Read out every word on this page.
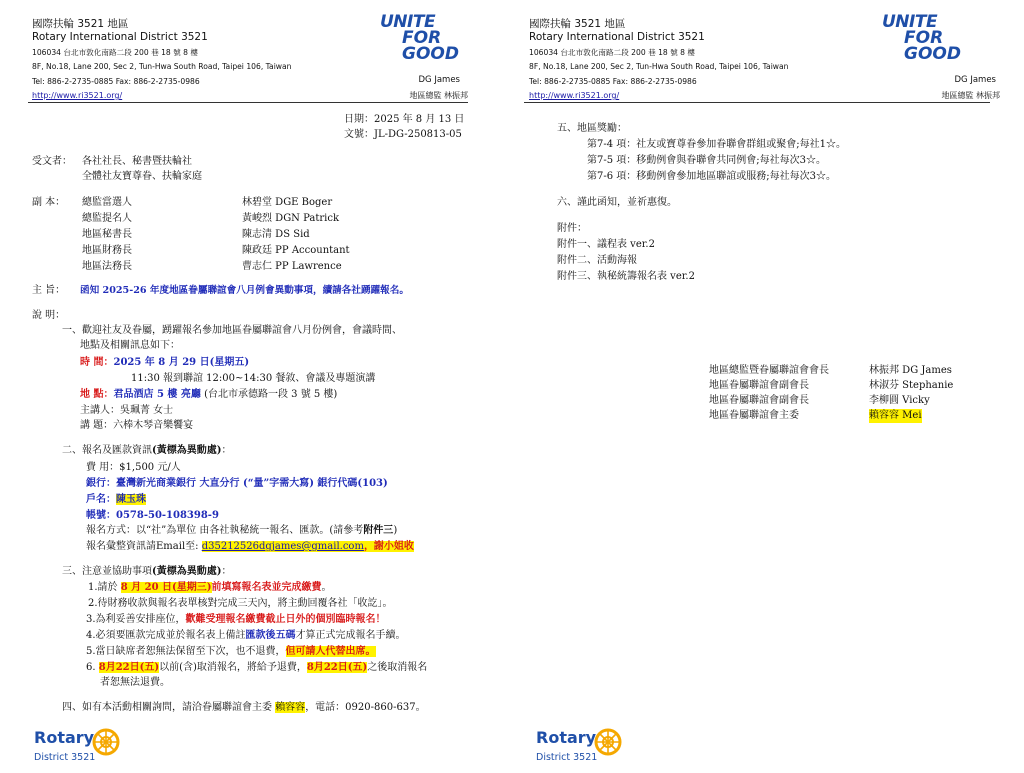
國際扶輪 3521 地區
Rotary International District 3521
106034 台北市敦化南路二段 200 巷 18 號 8 樓
8F, No.18, Lane 200, Sec 2, Tun-Hwa South Road, Taipei 106, Taiwan
Tel: 886-2-2735-0885 Fax: 886-2-2735-0986
http://www.ri3521.org/
UNITE
FOR
GOOD
DG James
地區總監 林振邦
日期：2025 年 8 月 13 日
文號：JL-DG-250813-05
受文者： 各社社長、秘書暨扶輪社
全體社友寶尊眷、扶輪家庭
副 本： 總監當選人	林碧堂 DGE Boger
總監提名人	黃峻烈 DGN Patrick
地區秘書長	陳志清 DS Sid
地區財務長	陳政廷 PP Accountant
地區法務長	曹志仁 PP Lawrence
主 旨： 函知 2025-26 年度地區眷屬聯誼會八月例會異動事項，續請各社踴躍報名。
說 明：
一、歡迎社友及眷屬，踴躍報名參加地區眷屬聯誼會八月份例會，會議時間、
地點及相關訊息如下：
時 間：2025 年 8 月 29 日(星期五)
11:30 報到聯誼 12:00~14:30 餐敘、會議及專題演講
地 點：君品酒店 5 樓 亮廳 (台北市承德路一段 3 號 5 樓)
主講人：吳珮菁 女士
講 題：六棒木琴音樂饗宴
二、報名及匯款資訊(黃標為異動處)：
費 用：$1,500 元/人
銀行：臺灣新光商業銀行 大直分行 (“量”字需大寫) 銀行代碼(103)
戶名：陳玉珠
帳號：0578-50-108398-9
報名方式：以“社”為單位 由各社執秘統一報名、匯款。(請參考附件三)
報名彙整資訊請Email至: d35212526dgjames@gmail.com，謝小姐收
三、注意並協助事項(黃標為異動處)：
1.請於 8 月 20 日(星期三)前填寫報名表並完成繳費。
2.待財務收款與報名表單核對完成三天內，將主動回覆各社「收訖」。
3.為利妥善安排座位，歡難受理報名繳費截止日外的個別臨時報名！
4.必須要匯款完成並於報名表上備註匯款後五碼才算正式完成報名手續。
5.當日缺席者恕無法保留至下次，也不退費，但可請人代替出席。
6. 8月22日(五)以前(含)取消報名，將給予退費，8月22日(五)之後取消報名
者恕無法退費。
四、如有本活動相關詢問，請洽眷屬聯誼會主委 賴容容，電話：0920-860-637。
Rotary
District 3521
國際扶輪 3521 地區
Rotary International District 3521
106034 台北市敦化南路二段 200 巷 18 號 8 樓
8F, No.18, Lane 200, Sec 2, Tun-Hwa South Road, Taipei 106, Taiwan
Tel: 886-2-2735-0885 Fax: 886-2-2735-0986
http://www.ri3521.org/
UNITE
FOR
GOOD
DG James
地區總監 林振邦
五、地區獎勵：
第7-4 項：社友或寶尊眷參加眷聯會群組或聚會;每社1☆。
第7-5 項：移動例會與眷聯會共同例會;每社每次3☆。
第7-6 項：移動例會參加地區聯誼或服務;每社每次3☆。
六、謹此函知，並祈惠復。
附件：
附件一、議程表 ver.2
附件二、活動海報
附件三、執秘統籌報名表 ver.2
地區總監暨眷屬聯誼會會長	林振邦 DG James
地區眷屬聯誼會副會長	林淑芬 Stephanie
地區眷屬聯誼會副會長	李柳圓 Vicky
地區眷屬聯誼會主委	賴容容 Mei
Rotary
District 3521
